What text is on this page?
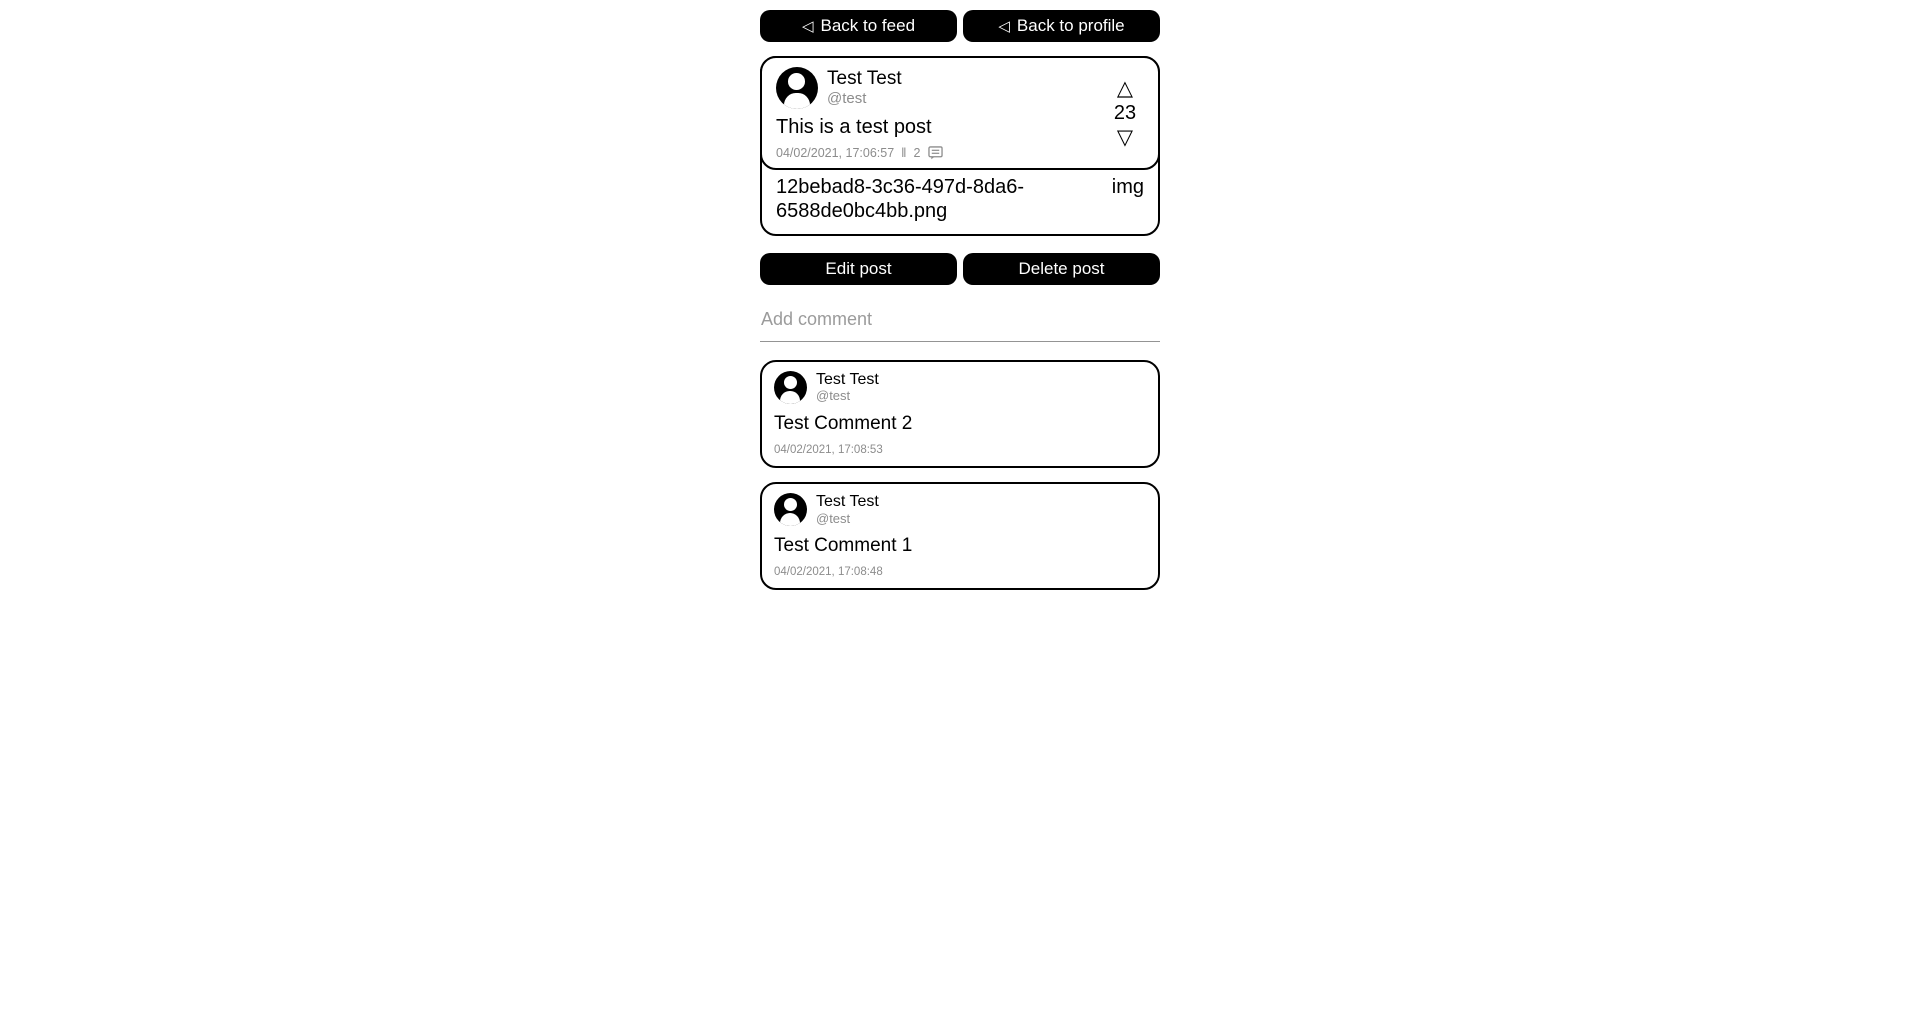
◁ Back to feed	◁ Back to profile
Test Test
@test
This is a test post
04/02/2021, 17:06:57 ‖ 2
△
23
▽
12bebad8-3c36-497d-8da6-6588de0bc4bb.png
img
Edit post	Delete post
Add comment
Test Test
@test
Test Comment 2
04/02/2021, 17:08:53
Test Test
@test
Test Comment 1
04/02/2021, 17:08:48
